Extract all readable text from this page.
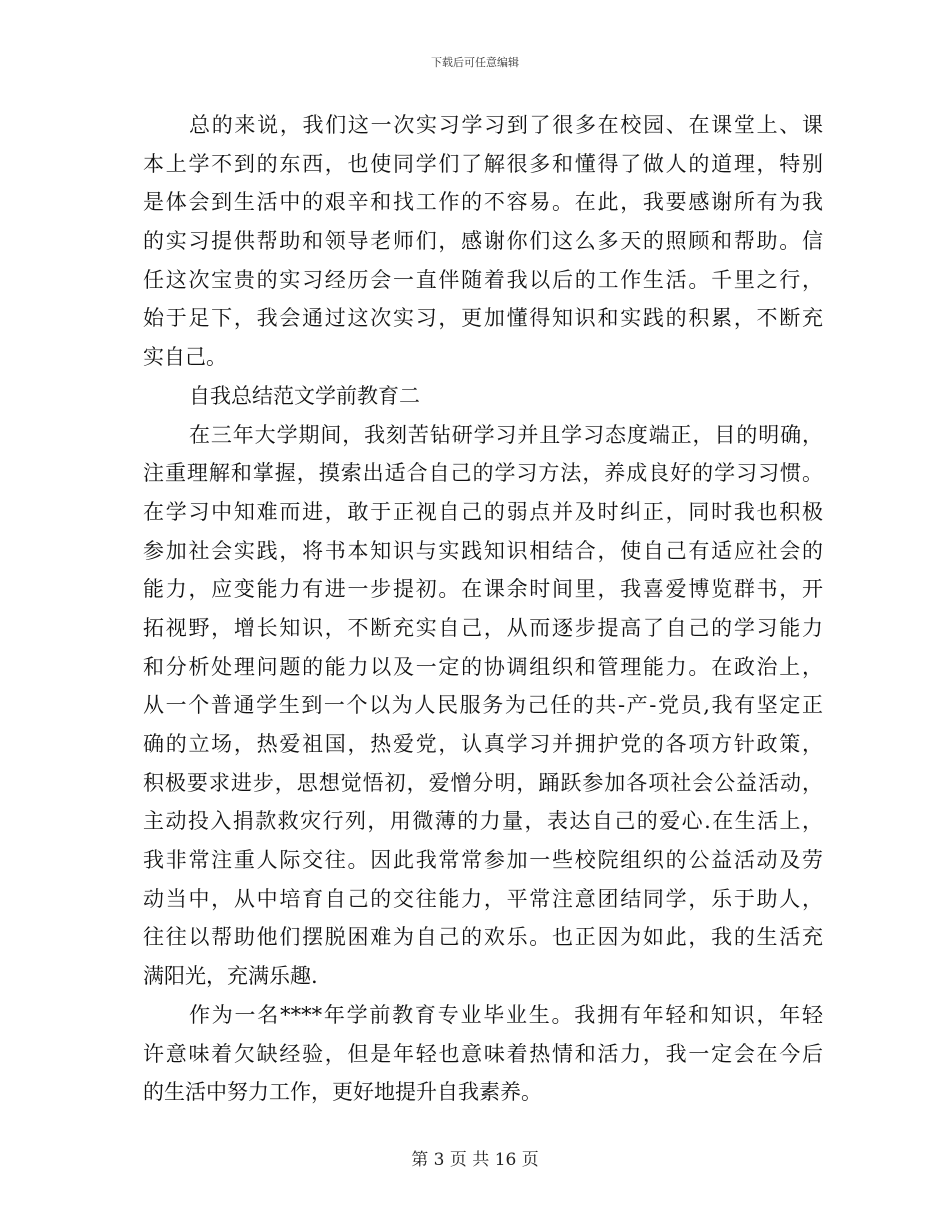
下载后可任意编辑
总的来说，我们这一次实习学习到了很多在校园、在课堂上、课
本上学不到的东西，也使同学们了解很多和懂得了做人的道理，特别
是体会到生活中的艰辛和找工作的不容易。在此，我要感谢所有为我
的实习提供帮助和领导老师们，感谢你们这么多天的照顾和帮助。信
任这次宝贵的实习经历会一直伴随着我以后的工作生活。千里之行，
始于足下，我会通过这次实习，更加懂得知识和实践的积累，不断充
实自己。
自我总结范文学前教育二
在三年大学期间，我刻苦钻研学习并且学习态度端正，目的明确，
注重理解和掌握，摸索出适合自己的学习方法，养成良好的学习习惯。
在学习中知难而进，敢于正视自己的弱点并及时纠正，同时我也积极
参加社会实践，将书本知识与实践知识相结合，使自己有适应社会的
能力，应变能力有进一步提初。在课余时间里，我喜爱博览群书，开
拓视野，增长知识，不断充实自己，从而逐步提高了自己的学习能力
和分析处理问题的能力以及一定的协调组织和管理能力。在政治上，
从一个普通学生到一个以为人民服务为己任的共-产-党员,我有坚定正
确的立场，热爱祖国，热爱党，认真学习并拥护党的各项方针政策，
积极要求进步，思想觉悟初，爱憎分明，踊跃参加各项社会公益活动，
主动投入捐款救灾行列，用微薄的力量，表达自己的爱心.在生活上，
我非常注重人际交往。因此我常常参加一些校院组织的公益活动及劳
动当中，从中培育自己的交往能力，平常注意团结同学，乐于助人，
往往以帮助他们摆脱困难为自己的欢乐。也正因为如此，我的生活充
满阳光，充满乐趣.
作为一名****年学前教育专业毕业生。我拥有年轻和知识，年轻
许意味着欠缺经验，但是年轻也意味着热情和活力，我一定会在今后
的生活中努力工作，更好地提升自我素养。
第 3 页 共 16 页
